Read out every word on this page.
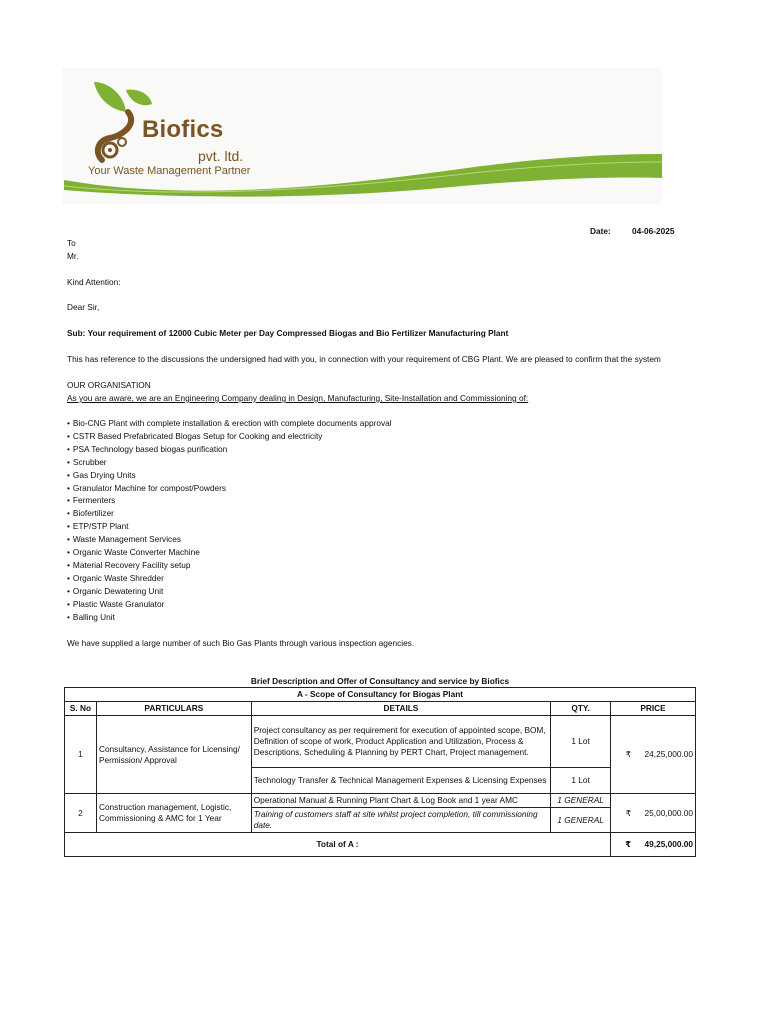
Biofics
pvt. ltd.
Your Waste Management Partner
Date:	04-06-2025
To
Mr.
Kind Attention:
Dear Sir,
Sub: Your requirement of 12000 Cubic Meter per Day Compressed Biogas and Bio Fertilizer Manufacturing Plant
This has reference to the discussions the undersigned had with you, in connection with your requirement of CBG Plant. We are pleased to confirm that the system
OUR ORGANISATION
As you are aware, we are an Engineering Company dealing in Design, Manufacturing, Site-Installation and Commissioning of:
• Bio-CNG Plant with complete installation & erection with complete documents approval
• CSTR Based Prefabricated Biogas Setup for Cooking and electricity
• PSA Technology based biogas purification
• Scrubber
• Gas Drying Units
• Granulator Machine for compost/Powders
• Fermenters
• Biofertilizer
• ETP/STP Plant
• Waste Management Services
• Organic Waste Converter Machine
• Material Recovery Facility setup
• Organic Waste Shredder
• Organic Dewatering Unit
• Plastic Waste Granulator
• Balling Unit
We have supplied a large number of such Bio Gas Plants through various inspection agencies.
Brief Description and Offer of Consultancy and service by Biofics
A - Scope of Consultancy for Biogas Plant				
S. No	PARTICULARS	DETAILS	QTY.	PRICE
1	Consultancy, Assistance for Licensing/ Permission/ Approval	Project consultancy as per requirement for execution of appointed scope, BOM, Definition of scope of work, Product Application and Utilization, Process & Descriptions, Scheduling & Planning by PERT Chart, Project management.	1 Lot	₹ 24,25,000.00
		Technology Transfer & Technical Management Expenses & Licensing Expenses	1 Lot	
2	Construction management, Logistic, Commissioning & AMC for 1 Year	Operational Manual & Running Plant Chart & Log Book and 1 year AMC	1 GENERAL	₹ 25,00,000.00
		Training of customers staff at site whilst project completion, till commissioning date.	1 GENERAL	
Total of A :				₹ 49,25,000.00
